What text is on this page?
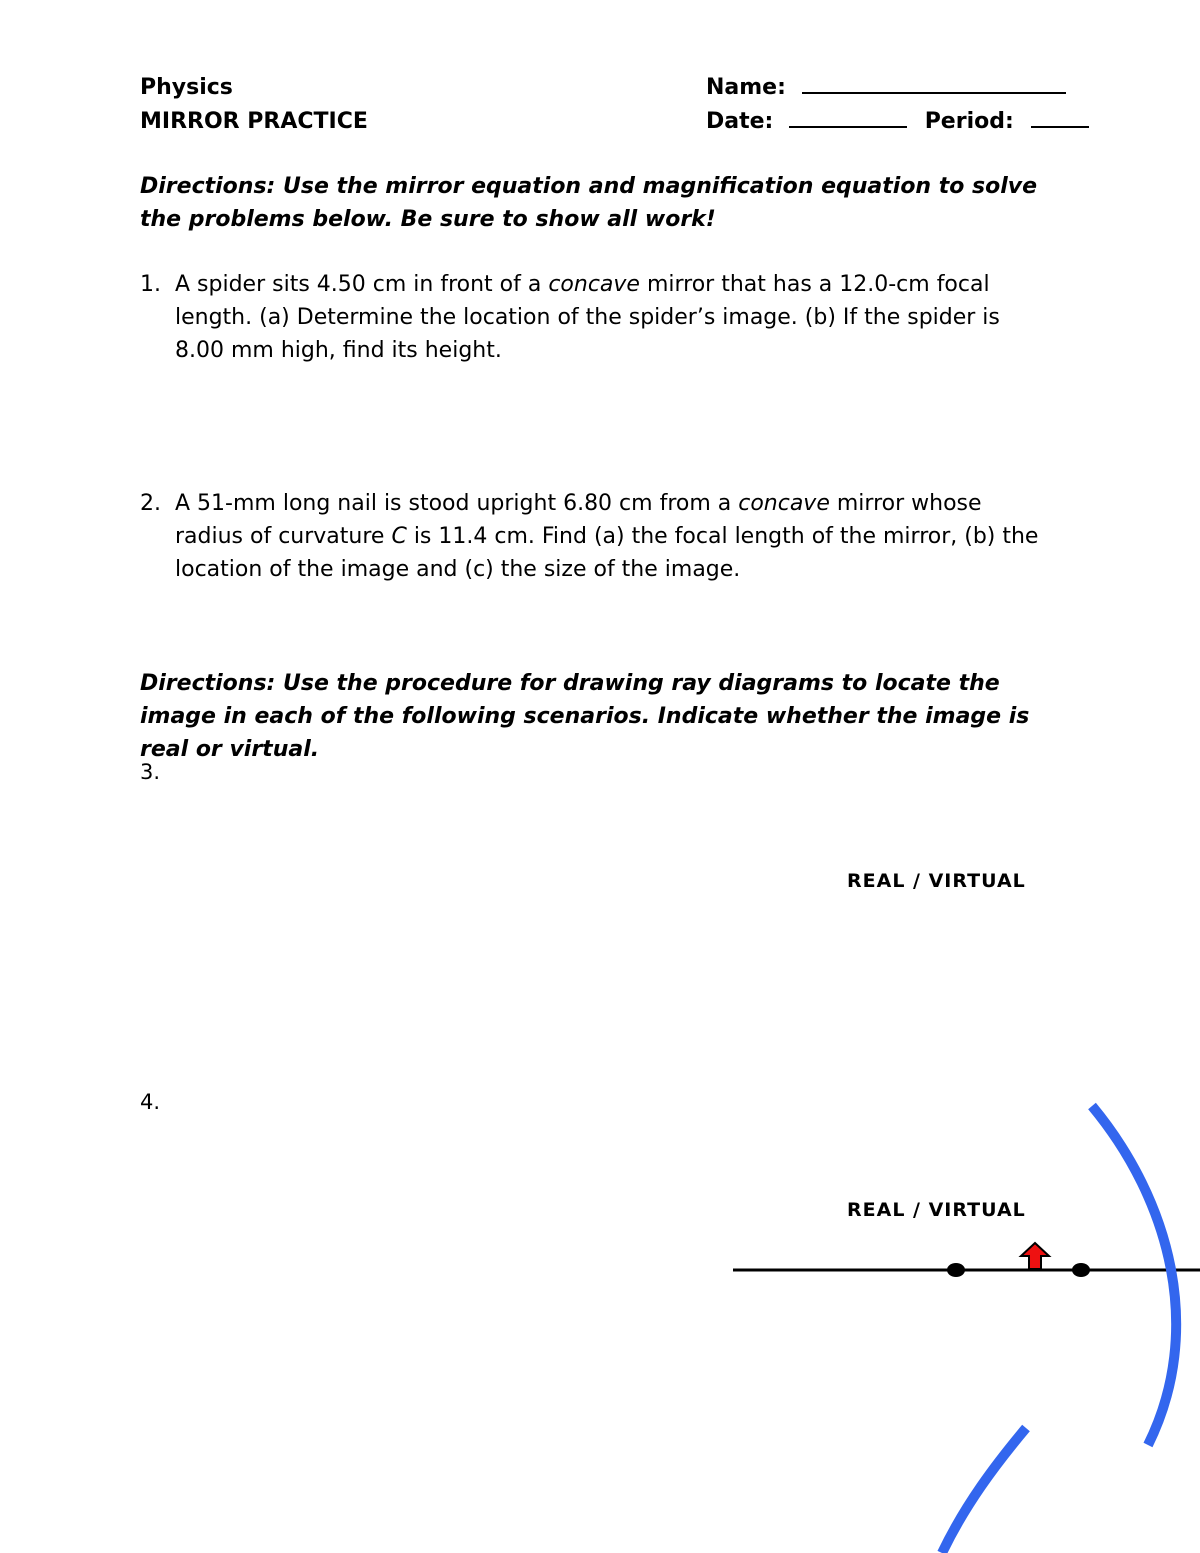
Physics
MIRROR PRACTICE
Name:
Date:	Period:
Directions: Use the mirror equation and magnification equation to solve the problems below. Be sure to show all work!
1. A spider sits 4.50 cm in front of a concave mirror that has a 12.0-cm focal length. (a) Determine the location of the spider’s image. (b) If the spider is 8.00 mm high, find its height.
2. A 51-mm long nail is stood upright 6.80 cm from a concave mirror whose radius of curvature C is 11.4 cm. Find (a) the focal length of the mirror, (b) the location of the image and (c) the size of the image.
Directions: Use the procedure for drawing ray diagrams to locate the image in each of the following scenarios. Indicate whether the image is real or virtual.
3.
REAL / VIRTUAL
4.
REAL / VIRTUAL
